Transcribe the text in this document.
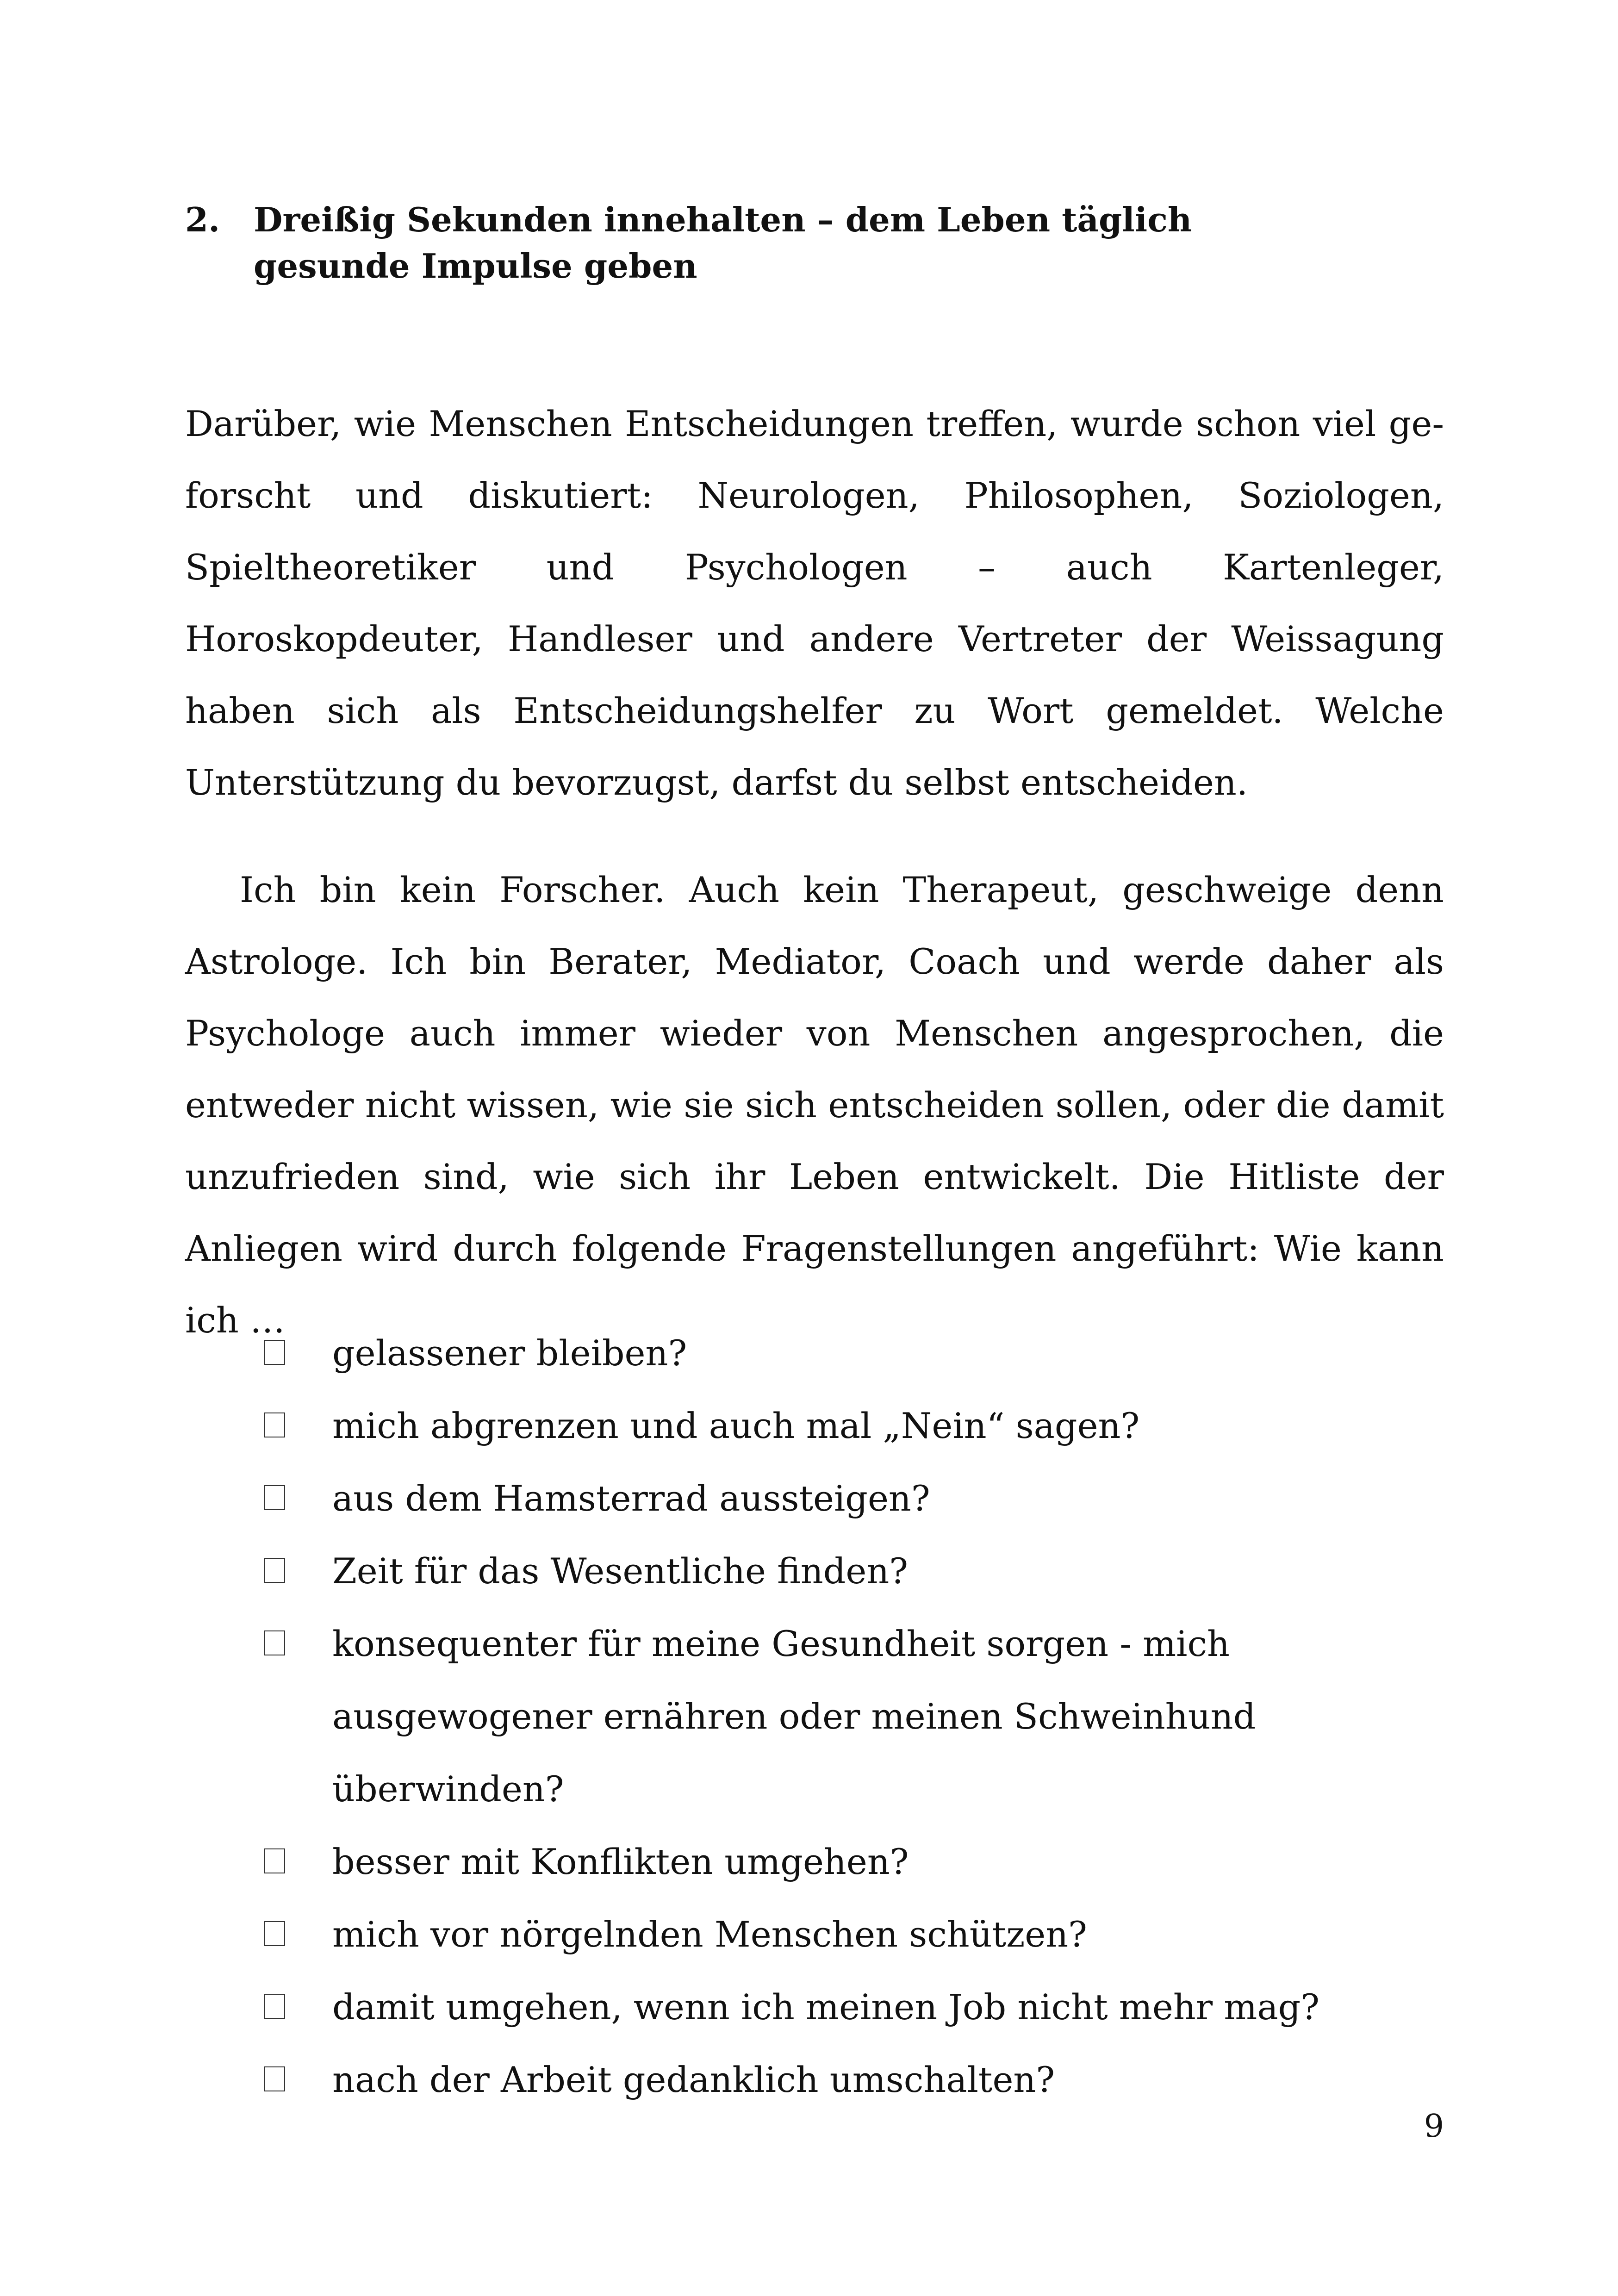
2. Dreißig Sekunden innehalten – dem Leben täglich
gesunde Impulse geben

Darüber, wie Menschen Entscheidungen treffen, wurde schon viel geforscht und diskutiert: Neurologen, Philosophen, Soziologen, Spieltheoretiker und Psychologen – auch Kartenleger, Horoskopdeuter, Handleser und andere Vertreter der Weissagung haben sich als Entscheidungshelfer zu Wort gemeldet. Welche Unterstützung du bevorzugst, darfst du selbst entscheiden.

Ich bin kein Forscher. Auch kein Therapeut, geschweige denn Astrologe. Ich bin Berater, Mediator, Coach und werde daher als Psychologe auch immer wieder von Menschen angesprochen, die entweder nicht wissen, wie sie sich entscheiden sollen, oder die damit unzufrieden sind, wie sich ihr Leben entwickelt. Die Hitliste der Anliegen wird durch folgende Fragenstellungen angeführt: Wie kann ich …

gelassener bleiben?
mich abgrenzen und auch mal „Nein“ sagen?
aus dem Hamsterrad aussteigen?
Zeit für das Wesentliche finden?
konsequenter für meine Gesundheit sorgen - mich ausgewogener ernähren oder meinen Schweinhund überwinden?
besser mit Konflikten umgehen?
mich vor nörgelnden Menschen schützen?
damit umgehen, wenn ich meinen Job nicht mehr mag?
nach der Arbeit gedanklich umschalten?
9
